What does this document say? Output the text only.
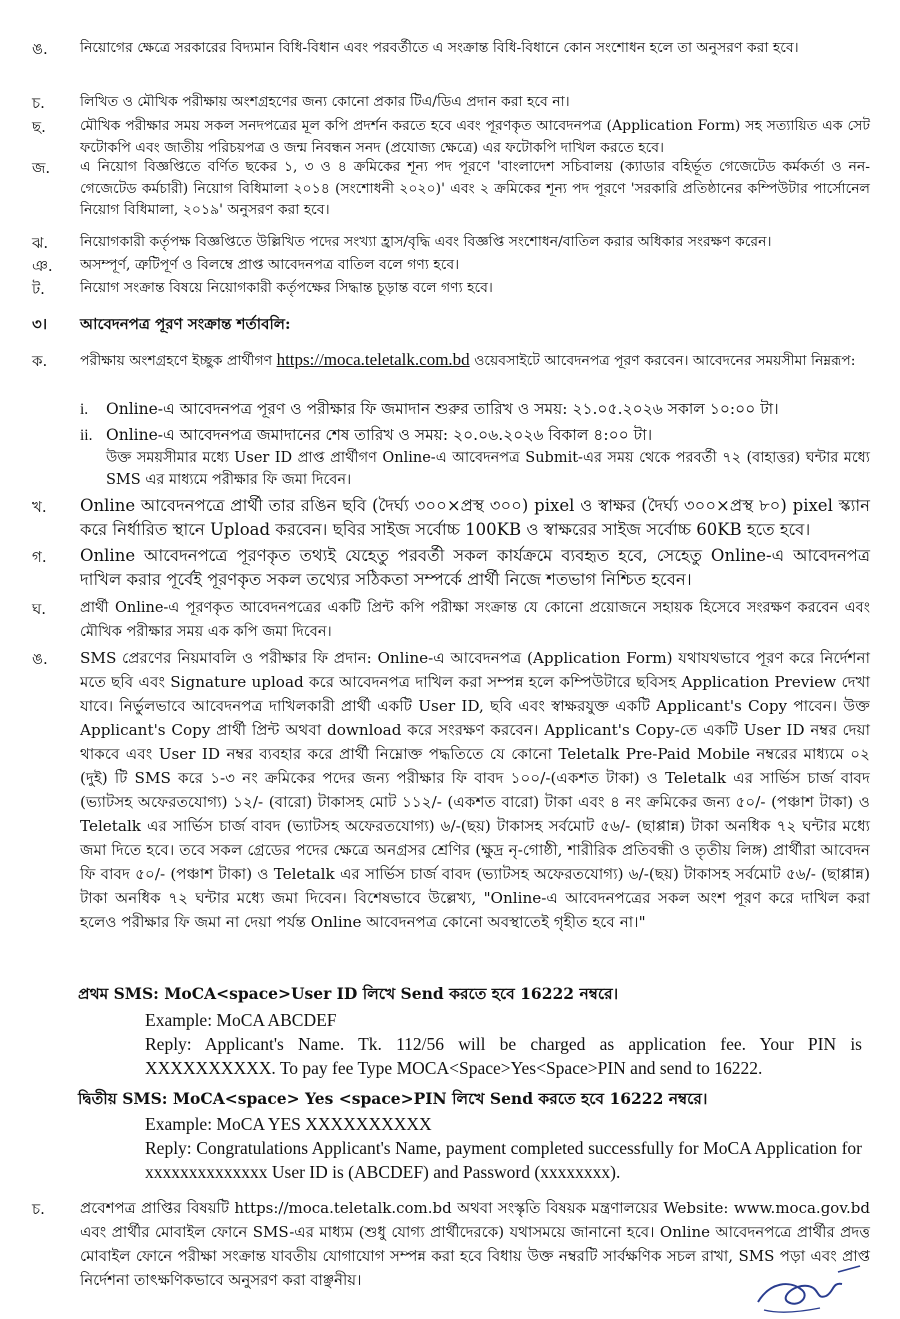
ঙ. নিয়োগের ক্ষেত্রে সরকারের বিদ্যমান বিধি-বিধান এবং পরবর্তীতে এ সংক্রান্ত বিধি-বিধানে কোন সংশোধন হলে তা অনুসরণ করা হবে।
চ.	লিখিত ও মৌখিক পরীক্ষায় অংশগ্রহণের জন্য কোনো প্রকার টিএ/ডিএ প্রদান করা হবে না।
ছ. মৌখিক পরীক্ষার সময় সকল সনদপত্রের মূল কপি প্রদর্শন করতে হবে এবং পূরণকৃত আবেদনপত্র (Application Form) সহ সত্যায়িত এক সেট ফটোকপি এবং জাতীয় পরিচয়পত্র ও জন্ম নিবন্ধন সনদ (প্রযোজ্য ক্ষেত্রে) এর ফটোকপি দাখিল করতে হবে।
জ. এ নিয়োগ বিজ্ঞপ্তিতে বর্ণিত ছকের ১, ৩ ও ৪ ক্রমিকের শূন্য পদ পূরণে 'বাংলাদেশ সচিবালয় (ক্যাডার বহির্ভূত গেজেটেড কর্মকর্তা ও নন-গেজেটেড কর্মচারী) নিয়োগ বিধিমালা ২০১৪ (সংশোধনী ২০২০)' এবং ২ ক্রমিকের শূন্য পদ পূরণে 'সরকারি প্রতিষ্ঠানের কম্পিউটার পার্সোনেল নিয়োগ বিধিমালা, ২০১৯' অনুসরণ করা হবে।
ঝ. নিয়োগকারী কর্তৃপক্ষ বিজ্ঞপ্তিতে উল্লিখিত পদের সংখ্যা হ্রাস/বৃদ্ধি এবং বিজ্ঞপ্তি সংশোধন/বাতিল করার অধিকার সংরক্ষণ করেন।
ঞ. অসম্পূর্ণ, ত্রুটিপূর্ণ ও বিলম্বে প্রাপ্ত আবেদনপত্র বাতিল বলে গণ্য হবে।
ট.	নিয়োগ সংক্রান্ত বিষয়ে নিয়োগকারী কর্তৃপক্ষের সিদ্ধান্ত চূড়ান্ত বলে গণ্য হবে।
৩। আবেদনপত্র পূরণ সংক্রান্ত শর্তাবলি:
ক. পরীক্ষায় অংশগ্রহণে ইচ্ছুক প্রার্থীগণ https://moca.teletalk.com.bd ওয়েবসাইটে আবেদনপত্র পূরণ করবেন। আবেদনের সময়সীমা নিম্নরূপ:
i. Online-এ আবেদনপত্র পূরণ ও পরীক্ষার ফি জমাদান শুরুর তারিখ ও সময়: ২১.০৫.২০২৬ সকাল ১০:০০ টা।
ii. Online-এ আবেদনপত্র জমাদানের শেষ তারিখ ও সময়: ২০.০৬.২০২৬ বিকাল ৪:০০ টা।
উক্ত সময়সীমার মধ্যে User ID প্রাপ্ত প্রার্থীগণ Online-এ আবেদনপত্র Submit-এর সময় থেকে পরবর্তী ৭২ (বাহাত্তর) ঘন্টার মধ্যে SMS এর মাধ্যমে পরীক্ষার ফি জমা দিবেন।
খ. Online আবেদনপত্রে প্রার্থী তার রঙিন ছবি (দৈর্ঘ্য ৩০০×প্রস্থ ৩০০) pixel ও স্বাক্ষর (দৈর্ঘ্য ৩০০×প্রস্থ ৮০) pixel স্ক্যান করে নির্ধারিত স্থানে Upload করবেন। ছবির সাইজ সর্বোচ্চ 100KB ও স্বাক্ষরের সাইজ সর্বোচ্চ 60KB হতে হবে।
গ. Online আবেদনপত্রে পূরণকৃত তথ্যই যেহেতু পরবর্তী সকল কার্যক্রমে ব্যবহৃত হবে, সেহেতু Online-এ আবেদনপত্র দাখিল করার পূর্বেই পূরণকৃত সকল তথ্যের সঠিকতা সম্পর্কে প্রার্থী নিজে শতভাগ নিশ্চিত হবেন।
ঘ. প্রার্থী Online-এ পূরণকৃত আবেদনপত্রের একটি প্রিন্ট কপি পরীক্ষা সংক্রান্ত যে কোনো প্রয়োজনে সহায়ক হিসেবে সংরক্ষণ করবেন এবং মৌখিক পরীক্ষার সময় এক কপি জমা দিবেন।
ঙ. SMS প্রেরণের নিয়মাবলি ও পরীক্ষার ফি প্রদান: Online-এ আবেদনপত্র (Application Form) যথাযথভাবে পূরণ করে নির্দেশনা মতে ছবি এবং Signature upload করে আবেদনপত্র দাখিল করা সম্পন্ন হলে কম্পিউটারে ছবিসহ Application Preview দেখা যাবে। নির্ভুলভাবে আবেদনপত্র দাখিলকারী প্রার্থী একটি User ID, ছবি এবং স্বাক্ষরযুক্ত একটি Applicant's Copy পাবেন। উক্ত Applicant's Copy প্রার্থী প্রিন্ট অথবা download করে সংরক্ষণ করবেন। Applicant's Copy-তে একটি User ID নম্বর দেয়া থাকবে এবং User ID নম্বর ব্যবহার করে প্রার্থী নিম্নোক্ত পদ্ধতিতে যে কোনো Teletalk Pre-Paid Mobile নম্বরের মাধ্যমে ০২ (দুই) টি SMS করে ১-৩ নং ক্রমিকের পদের জন্য পরীক্ষার ফি বাবদ ১০০/-(একশত টাকা) ও Teletalk এর সার্ভিস চার্জ বাবদ (ভ্যাটসহ অফেরতযোগ্য) ১২/- (বারো) টাকাসহ মোট ১১২/- (একশত বারো) টাকা এবং ৪ নং ক্রমিকের জন্য ৫০/- (পঞ্চাশ টাকা) ও Teletalk এর সার্ভিস চার্জ বাবদ (ভ্যাটসহ অফেরতযোগ্য) ৬/-(ছয়) টাকাসহ সর্বমোট ৫৬/- (ছাপ্পান্ন) টাকা অনধিক ৭২ ঘন্টার মধ্যে জমা দিতে হবে। তবে সকল গ্রেডের পদের ক্ষেত্রে অনগ্রসর শ্রেণির (ক্ষুদ্র নৃ-গোষ্ঠী, শারীরিক প্রতিবন্ধী ও তৃতীয় লিঙ্গ) প্রার্থীরা আবেদন ফি বাবদ ৫০/- (পঞ্চাশ টাকা) ও Teletalk এর সার্ভিস চার্জ বাবদ (ভ্যাটসহ অফেরতযোগ্য) ৬/-(ছয়) টাকাসহ সর্বমোট ৫৬/- (ছাপ্পান্ন) টাকা অনধিক ৭২ ঘন্টার মধ্যে জমা দিবেন। বিশেষভাবে উল্লেখ্য, "Online-এ আবেদনপত্রের সকল অংশ পূরণ করে দাখিল করা হলেও পরীক্ষার ফি জমা না দেয়া পর্যন্ত Online আবেদনপত্র কোনো অবস্থাতেই গৃহীত হবে না।"
প্রথম SMS: MoCA<space>User ID লিখে Send করতে হবে 16222 নম্বরে।
Example: MoCA ABCDEF
Reply: Applicant's Name. Tk. 112/56 will be charged as application fee. Your PIN is XXXXXXXXXX. To pay fee Type MOCA<Space>Yes<Space>PIN and send to 16222.
দ্বিতীয় SMS: MoCA<space> Yes <space>PIN লিখে Send করতে হবে 16222 নম্বরে।
Example: MoCA YES XXXXXXXXXX
Reply: Congratulations Applicant's Name, payment completed successfully for MoCA Application for xxxxxxxxxxxxxx User ID is (ABCDEF) and Password (xxxxxxxx).
চ. প্রবেশপত্র প্রাপ্তির বিষয়টি https://moca.teletalk.com.bd অথবা সংস্কৃতি বিষয়ক মন্ত্রণালয়ের Website: www.moca.gov.bd এবং প্রার্থীর মোবাইল ফোনে SMS-এর মাধ্যম (শুধু যোগ্য প্রার্থীদেরকে) যথাসময়ে জানানো হবে। Online আবেদনপত্রে প্রার্থীর প্রদত্ত মোবাইল ফোনে পরীক্ষা সংক্রান্ত যাবতীয় যোগাযোগ সম্পন্ন করা হবে বিধায় উক্ত নম্বরটি সার্বক্ষণিক সচল রাখা, SMS পড়া এবং প্রাপ্ত নির্দেশনা তাৎক্ষণিকভাবে অনুসরণ করা বাঞ্ছনীয়।
